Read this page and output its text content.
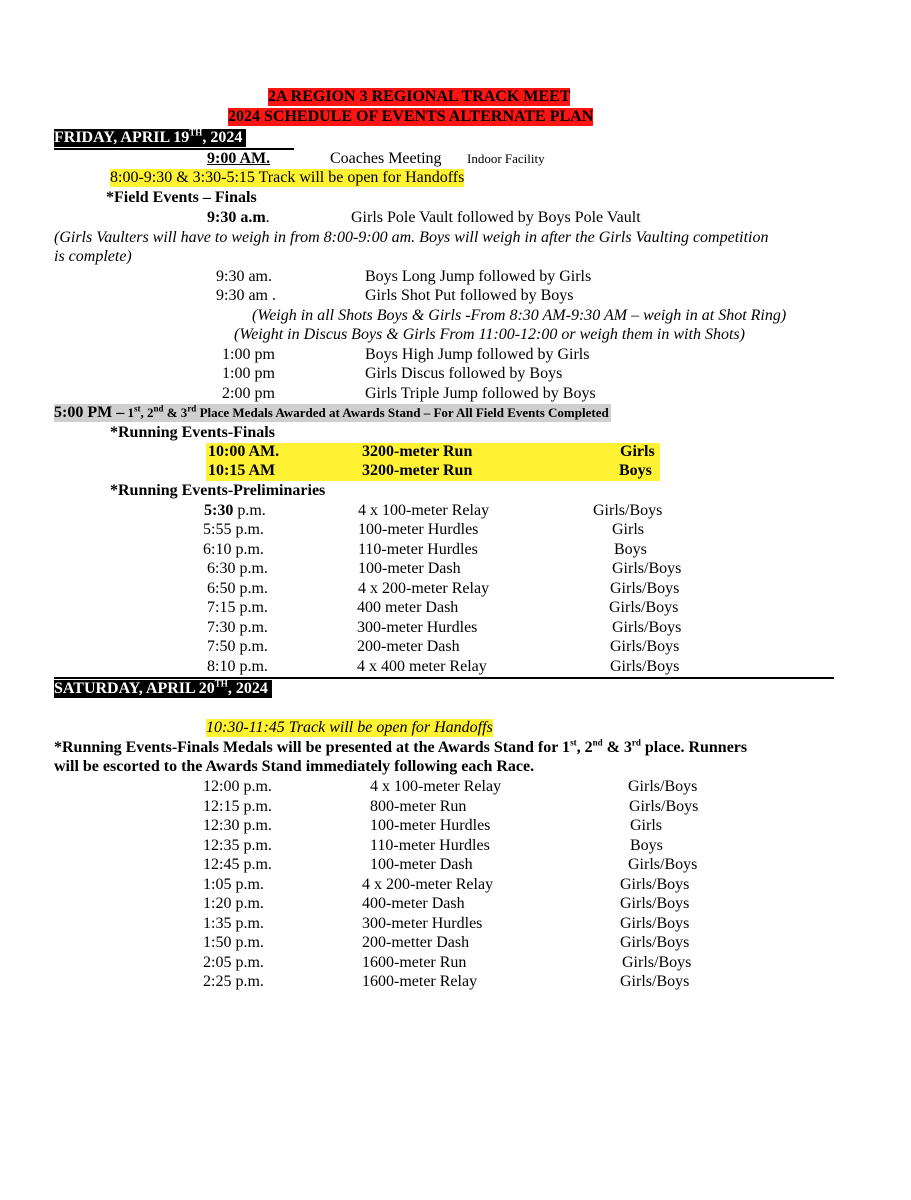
2A REGION 3 REGIONAL TRACK MEET
2024 SCHEDULE OF EVENTS ALTERNATE PLAN
FRIDAY, APRIL 19TH, 2024
9:00 AM.	Coaches Meeting Indoor Facility
8:00-9:30 & 3:30-5:15 Track will be open for Handoffs
*Field Events – Finals
9:30 a.m.	Girls Pole Vault followed by Boys Pole Vault
(Girls Vaulters will have to weigh in from 8:00-9:00 am. Boys will weigh in after the Girls Vaulting competition
is complete)
9:30 am.	Boys Long Jump followed by Girls
9:30 am .	Girls Shot Put followed by Boys
(Weigh in all Shots Boys & Girls -From 8:30 AM-9:30 AM – weigh in at Shot Ring)
(Weight in Discus Boys & Girls From 11:00-12:00 or weigh them in with Shots)
1:00 pm	Boys High Jump followed by Girls
1:00 pm	Girls Discus followed by Boys
2:00 pm	Girls Triple Jump followed by Boys
5:00 PM – 1st, 2nd & 3rd Place Medals Awarded at Awards Stand – For All Field Events Completed
*Running Events-Finals
10:00 AM.	3200-meter Run	Girls
10:15 AM	3200-meter Run	Boys
*Running Events-Preliminaries
5:30 p.m.	4 x 100-meter Relay	Girls/Boys
5:55 p.m.	100-meter Hurdles	Girls
6:10 p.m.	110-meter Hurdles	Boys
6:30 p.m.	100-meter Dash	Girls/Boys
6:50 p.m.	4 x 200-meter Relay	Girls/Boys
7:15 p.m.	400 meter Dash	Girls/Boys
7:30 p.m.	300-meter Hurdles	Girls/Boys
7:50 p.m.	200-meter Dash	Girls/Boys
8:10 p.m.	4 x 400 meter Relay	Girls/Boys
SATURDAY, APRIL 20TH, 2024
10:30-11:45 Track will be open for Handoffs
*Running Events-Finals Medals will be presented at the Awards Stand for 1st, 2nd & 3rd place. Runners
will be escorted to the Awards Stand immediately following each Race.
12:00 p.m.	4 x 100-meter Relay	Girls/Boys
12:15 p.m.	800-meter Run	Girls/Boys
12:30 p.m.	100-meter Hurdles	Girls
12:35 p.m.	110-meter Hurdles	Boys
12:45 p.m.	100-meter Dash	Girls/Boys
1:05 p.m.	4 x 200-meter Relay	Girls/Boys
1:20 p.m.	400-meter Dash	Girls/Boys
1:35 p.m.	300-meter Hurdles	Girls/Boys
1:50 p.m.	200-metter Dash	Girls/Boys
2:05 p.m.	1600-meter Run	Girls/Boys
2:25 p.m.	1600-meter Relay	Girls/Boys
